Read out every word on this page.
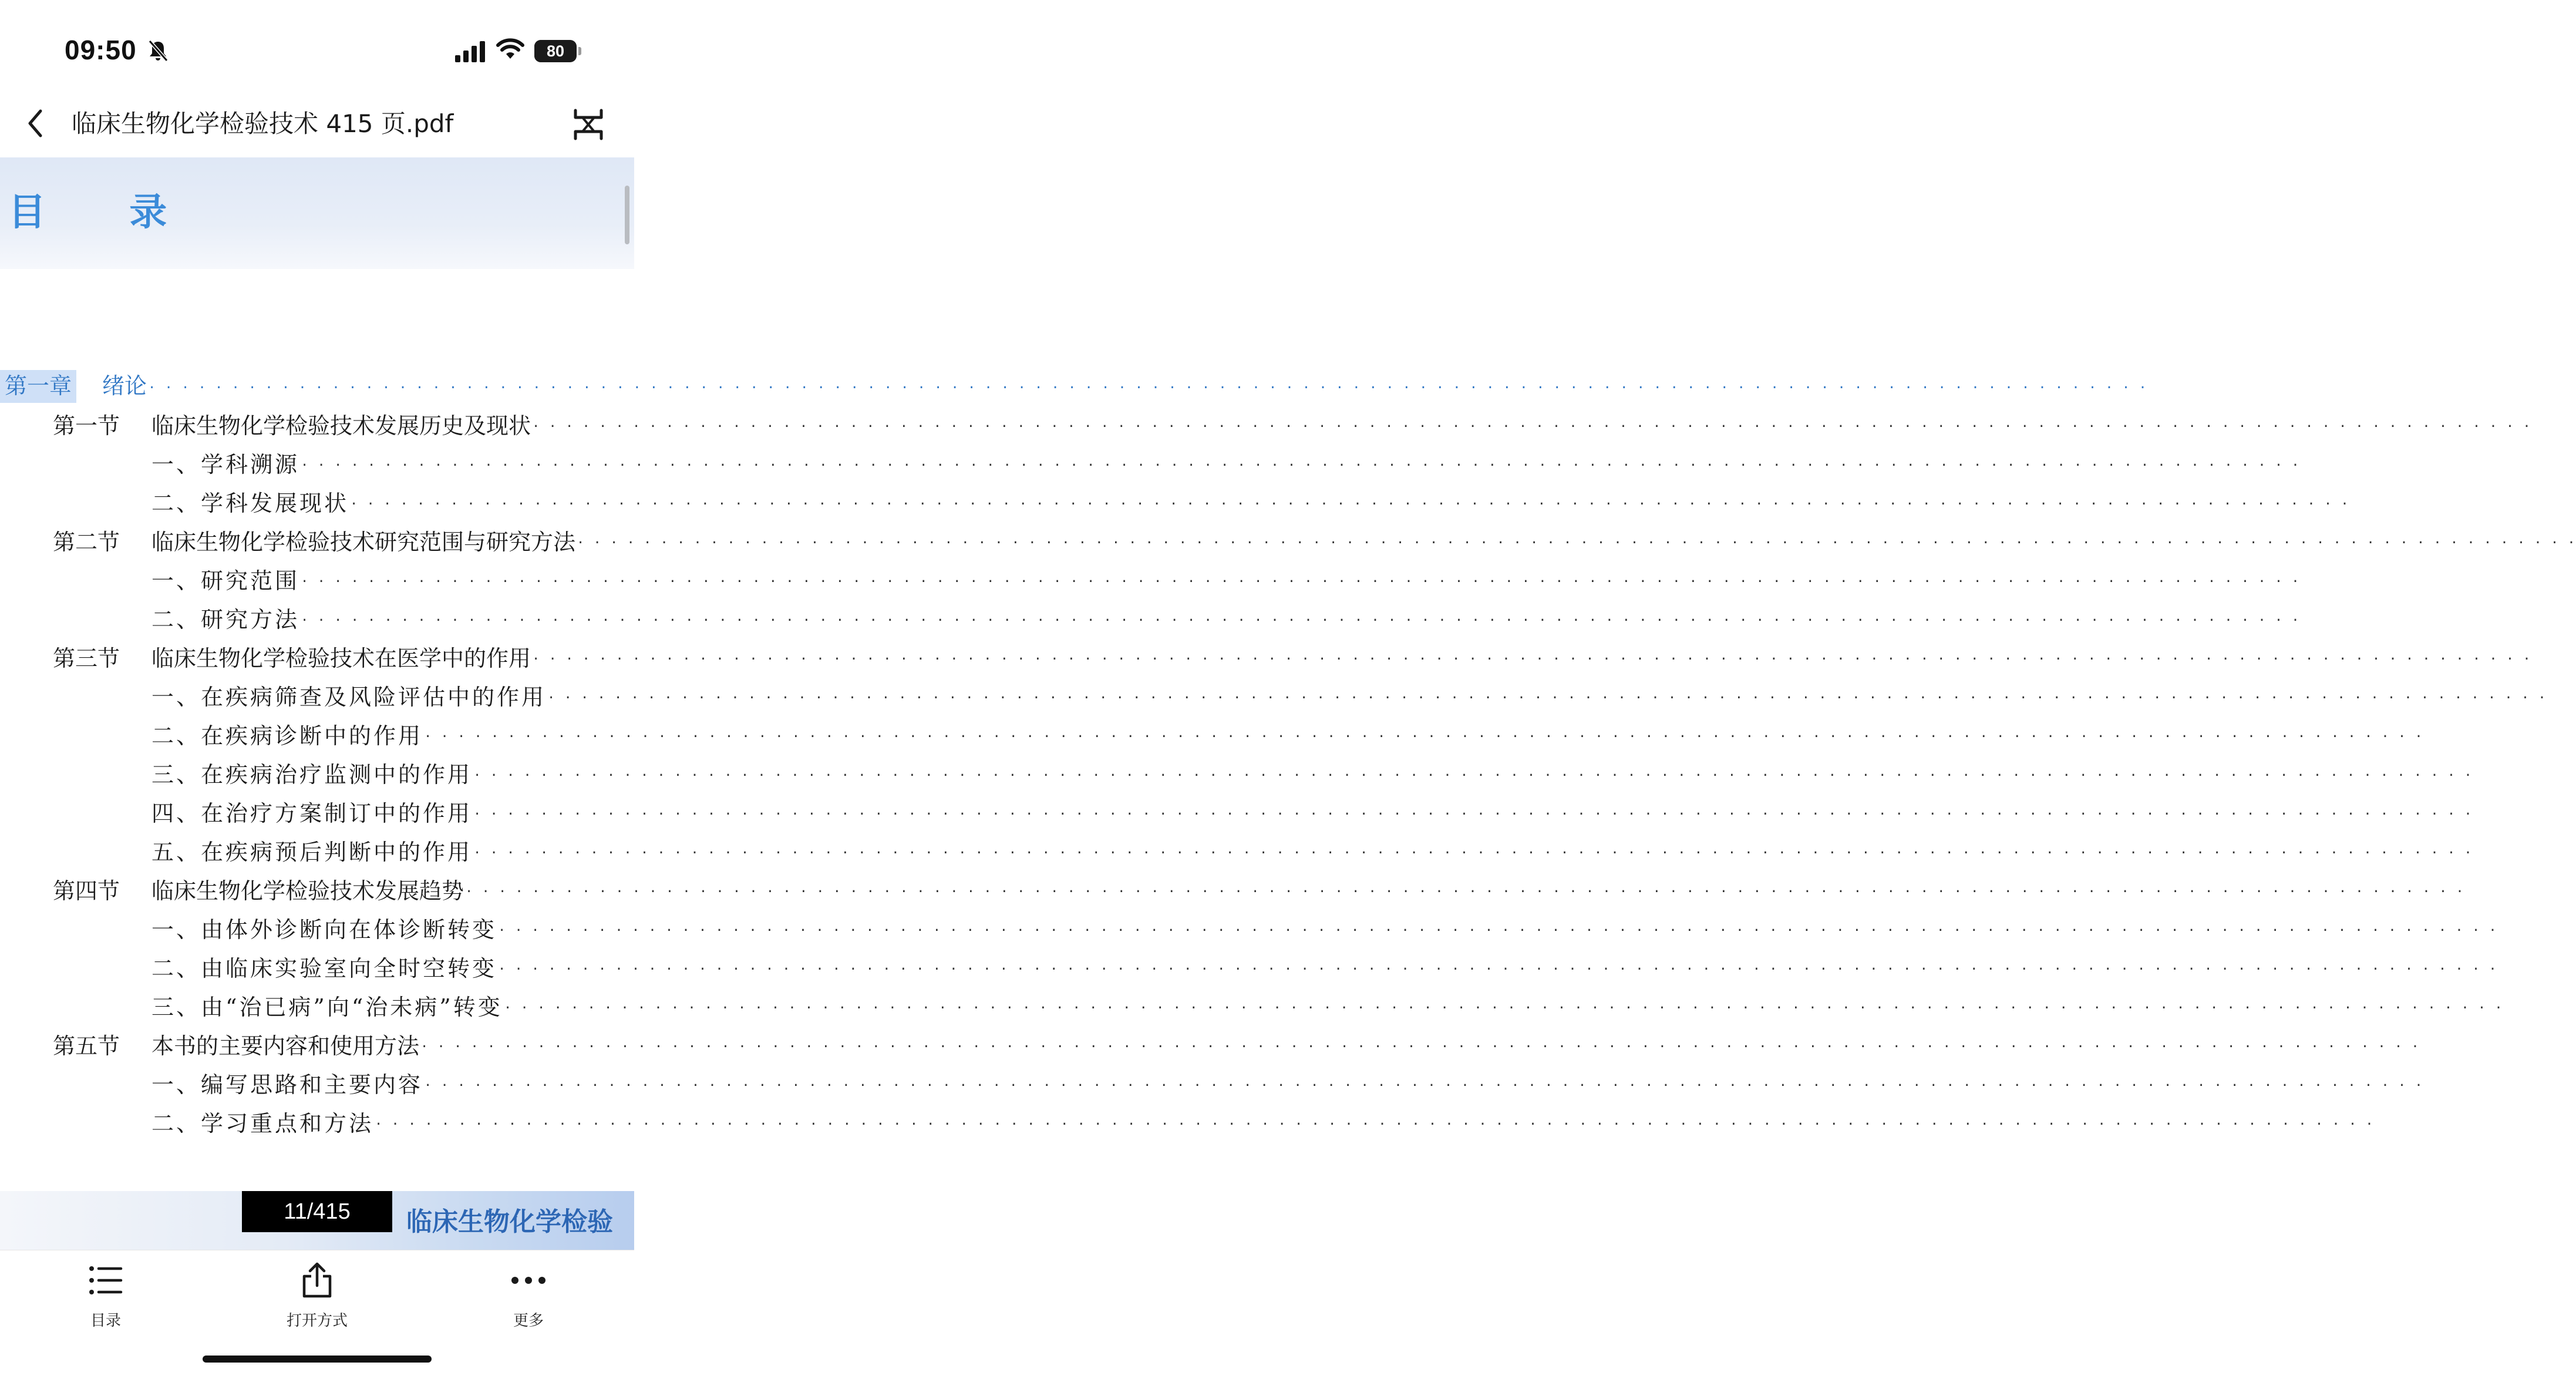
09:50	80
临床生物化学检验技术 415 页.pdf
目 录
第一章 绪论 · · · · · · · · · · · · · · · · · · · · · · · · · · · · · · · · · · · · · · · · · · · · · · · · · · · · · · · · · · · · · · · · · · · · · · · · · · · · · · · · · · · · · · · · · · · · · · · · · · · · · · · · · · · · · · · · · · · · · · · ·
第一节 临床生物化学检验技术发展历史及现状 · · · · · · · · · · · · · · · · · · · · · · · · · · · · · · · · · · · · · · · · · · · · · · · · · · · · · · · · · · · · · · · · · · · · · · · · · · · · · · · · · · · · · · · · · · · · · · · · · · · · · · · · · · · · · · · · · · · · · · · ·
一、学科溯源 · · · · · · · · · · · · · · · · · · · · · · · · · · · · · · · · · · · · · · · · · · · · · · · · · · · · · · · · · · · · · · · · · · · · · · · · · · · · · · · · · · · · · · · · · · · · · · · · · · · · · · · · · · · · · · · · · · · · · · · ·
二、学科发展现状 · · · · · · · · · · · · · · · · · · · · · · · · · · · · · · · · · · · · · · · · · · · · · · · · · · · · · · · · · · · · · · · · · · · · · · · · · · · · · · · · · · · · · · · · · · · · · · · · · · · · · · · · · · · · · · · · · · · · · · · ·
第二节 临床生物化学检验技术研究范围与研究方法 · · · · · · · · · · · · · · · · · · · · · · · · · · · · · · · · · · · · · · · · · · · · · · · · · · · · · · · · · · · · · · · · · · · · · · · · · · · · · · · · · · · · · · · · · · · · · · · · · · · · · · · · · · · · · · · · · · · · · · · ·
一、研究范围 · · · · · · · · · · · · · · · · · · · · · · · · · · · · · · · · · · · · · · · · · · · · · · · · · · · · · · · · · · · · · · · · · · · · · · · · · · · · · · · · · · · · · · · · · · · · · · · · · · · · · · · · · · · · · · · · · · · · · · · ·
二、研究方法 · · · · · · · · · · · · · · · · · · · · · · · · · · · · · · · · · · · · · · · · · · · · · · · · · · · · · · · · · · · · · · · · · · · · · · · · · · · · · · · · · · · · · · · · · · · · · · · · · · · · · · · · · · · · · · · · · · · · · · · ·
第三节 临床生物化学检验技术在医学中的作用 · · · · · · · · · · · · · · · · · · · · · · · · · · · · · · · · · · · · · · · · · · · · · · · · · · · · · · · · · · · · · · · · · · · · · · · · · · · · · · · · · · · · · · · · · · · · · · · · · · · · · · · · · · · · · · · · · · · · · · · ·
一、在疾病筛查及风险评估中的作用 · · · · · · · · · · · · · · · · · · · · · · · · · · · · · · · · · · · · · · · · · · · · · · · · · · · · · · · · · · · · · · · · · · · · · · · · · · · · · · · · · · · · · · · · · · · · · · · · · · · · · · · · · · · · · · · · · · · · · · · ·
二、在疾病诊断中的作用 · · · · · · · · · · · · · · · · · · · · · · · · · · · · · · · · · · · · · · · · · · · · · · · · · · · · · · · · · · · · · · · · · · · · · · · · · · · · · · · · · · · · · · · · · · · · · · · · · · · · · · · · · · · · · · · · · · · · · · · ·
三、在疾病治疗监测中的作用 · · · · · · · · · · · · · · · · · · · · · · · · · · · · · · · · · · · · · · · · · · · · · · · · · · · · · · · · · · · · · · · · · · · · · · · · · · · · · · · · · · · · · · · · · · · · · · · · · · · · · · · · · · · · · · · · · · · · · · · ·
四、在治疗方案制订中的作用 · · · · · · · · · · · · · · · · · · · · · · · · · · · · · · · · · · · · · · · · · · · · · · · · · · · · · · · · · · · · · · · · · · · · · · · · · · · · · · · · · · · · · · · · · · · · · · · · · · · · · · · · · · · · · · · · · · · · · · · ·
五、在疾病预后判断中的作用 · · · · · · · · · · · · · · · · · · · · · · · · · · · · · · · · · · · · · · · · · · · · · · · · · · · · · · · · · · · · · · · · · · · · · · · · · · · · · · · · · · · · · · · · · · · · · · · · · · · · · · · · · · · · · · · · · · · · · · · ·
第四节 临床生物化学检验技术发展趋势 · · · · · · · · · · · · · · · · · · · · · · · · · · · · · · · · · · · · · · · · · · · · · · · · · · · · · · · · · · · · · · · · · · · · · · · · · · · · · · · · · · · · · · · · · · · · · · · · · · · · · · · · · · · · · · · · · · · · · · · ·
一、由体外诊断向在体诊断转变 · · · · · · · · · · · · · · · · · · · · · · · · · · · · · · · · · · · · · · · · · · · · · · · · · · · · · · · · · · · · · · · · · · · · · · · · · · · · · · · · · · · · · · · · · · · · · · · · · · · · · · · · · · · · · · · · · · · · · · · ·
二、由临床实验室向全时空转变 · · · · · · · · · · · · · · · · · · · · · · · · · · · · · · · · · · · · · · · · · · · · · · · · · · · · · · · · · · · · · · · · · · · · · · · · · · · · · · · · · · · · · · · · · · · · · · · · · · · · · · · · · · · · · · · · · · · · · · · ·
三、由“治已病”向“治未病”转变 · · · · · · · · · · · · · · · · · · · · · · · · · · · · · · · · · · · · · · · · · · · · · · · · · · · · · · · · · · · · · · · · · · · · · · · · · · · · · · · · · · · · · · · · · · · · · · · · · · · · · · · · · · · · · · · · · · · · · · · ·
第五节 本书的主要内容和使用方法 · · · · · · · · · · · · · · · · · · · · · · · · · · · · · · · · · · · · · · · · · · · · · · · · · · · · · · · · · · · · · · · · · · · · · · · · · · · · · · · · · · · · · · · · · · · · · · · · · · · · · · · · · · · · · · · · · · · · · · · ·
一、编写思路和主要内容 · · · · · · · · · · · · · · · · · · · · · · · · · · · · · · · · · · · · · · · · · · · · · · · · · · · · · · · · · · · · · · · · · · · · · · · · · · · · · · · · · · · · · · · · · · · · · · · · · · · · · · · · · · · · · · · · · · · · · · · ·
二、学习重点和方法 · · · · · · · · · · · · · · · · · · · · · · · · · · · · · · · · · · · · · · · · · · · · · · · · · · · · · · · · · · · · · · · · · · · · · · · · · · · · · · · · · · · · · · · · · · · · · · · · · · · · · · · · · · · · · · · · · · · · · · · ·
临床生物化学检验
11/415
目录	打开方式	更多
